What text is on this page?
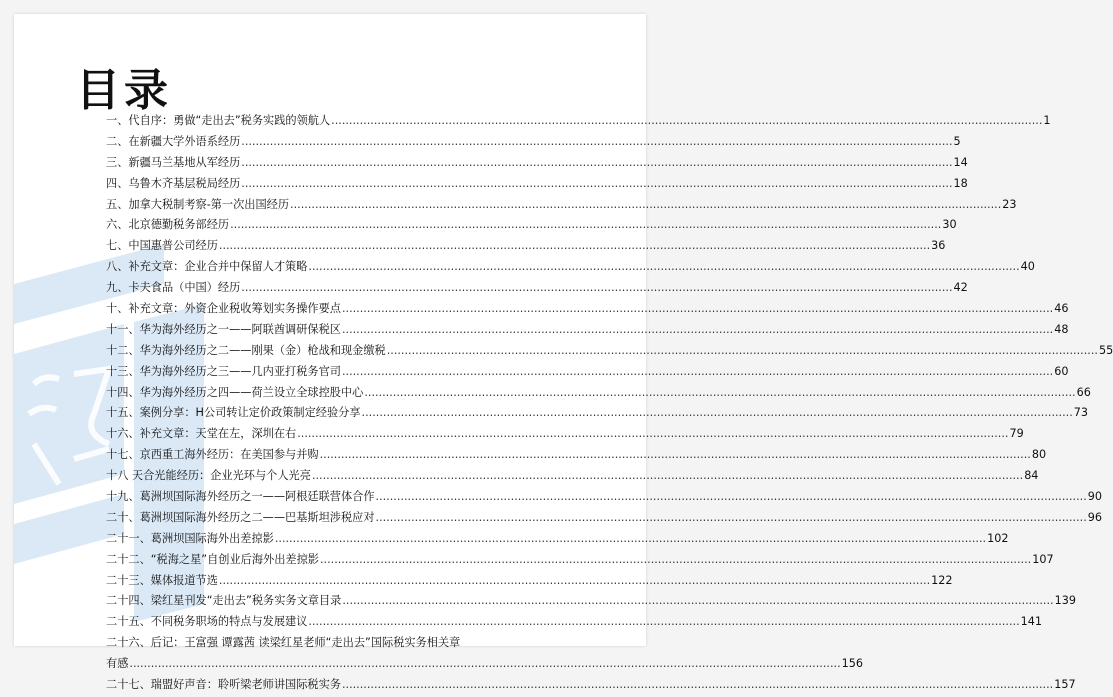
目录
一、代自序：勇做“走出去”税务实践的领航人 .....	1
二、在新疆大学外语系经历 .....	5
三、新疆马兰基地从军经历 .....	14
四、乌鲁木齐基层税局经历 .....	18
五、加拿大税制考察-第一次出国经历 .....	23
六、北京德勤税务部经历 .....	30
七、中国惠普公司经历 .....	36
八、补充文章：企业合并中保留人才策略 .....	40
九、卡夫食品（中国）经历 .....	42
十、补充文章：外资企业税收筹划实务操作要点 .....	46
十一、华为海外经历之一——阿联酋调研保税区 .....	48
十二、华为海外经历之二——刚果（金）枪战和现金缴税 .....	55
十三、华为海外经历之三——几内亚打税务官司 .....	60
十四、华为海外经历之四——荷兰设立全球控股中心 .....	66
十五、案例分享：H公司转让定价政策制定经验分享 .....	73
十六、补充文章：天堂在左，深圳在右 .....	79
十七、京西重工海外经历：在美国参与并购 .....	80
十八 天合光能经历：企业光环与个人光亮 .....	84
十九、葛洲坝国际海外经历之一——阿根廷联营体合作 .....	90
二十、葛洲坝国际海外经历之二——巴基斯坦涉税应对 .....	96
二十一、葛洲坝国际海外出差掠影 .....	102
二十二、“税海之星”自创业后海外出差掠影 .....	107
二十三、媒体报道节选 .....	122
二十四、梁红星刊发“走出去”税务实务文章目录 .....	139
二十五、不同税务职场的特点与发展建议 .....	141
二十六、后记：王富强 谭露茜 读梁红星老师“走出去”国际税实务相关章
有感 .....	156
二十七、瑞盟好声音：聆听梁老师讲国际税实务 .....	157
